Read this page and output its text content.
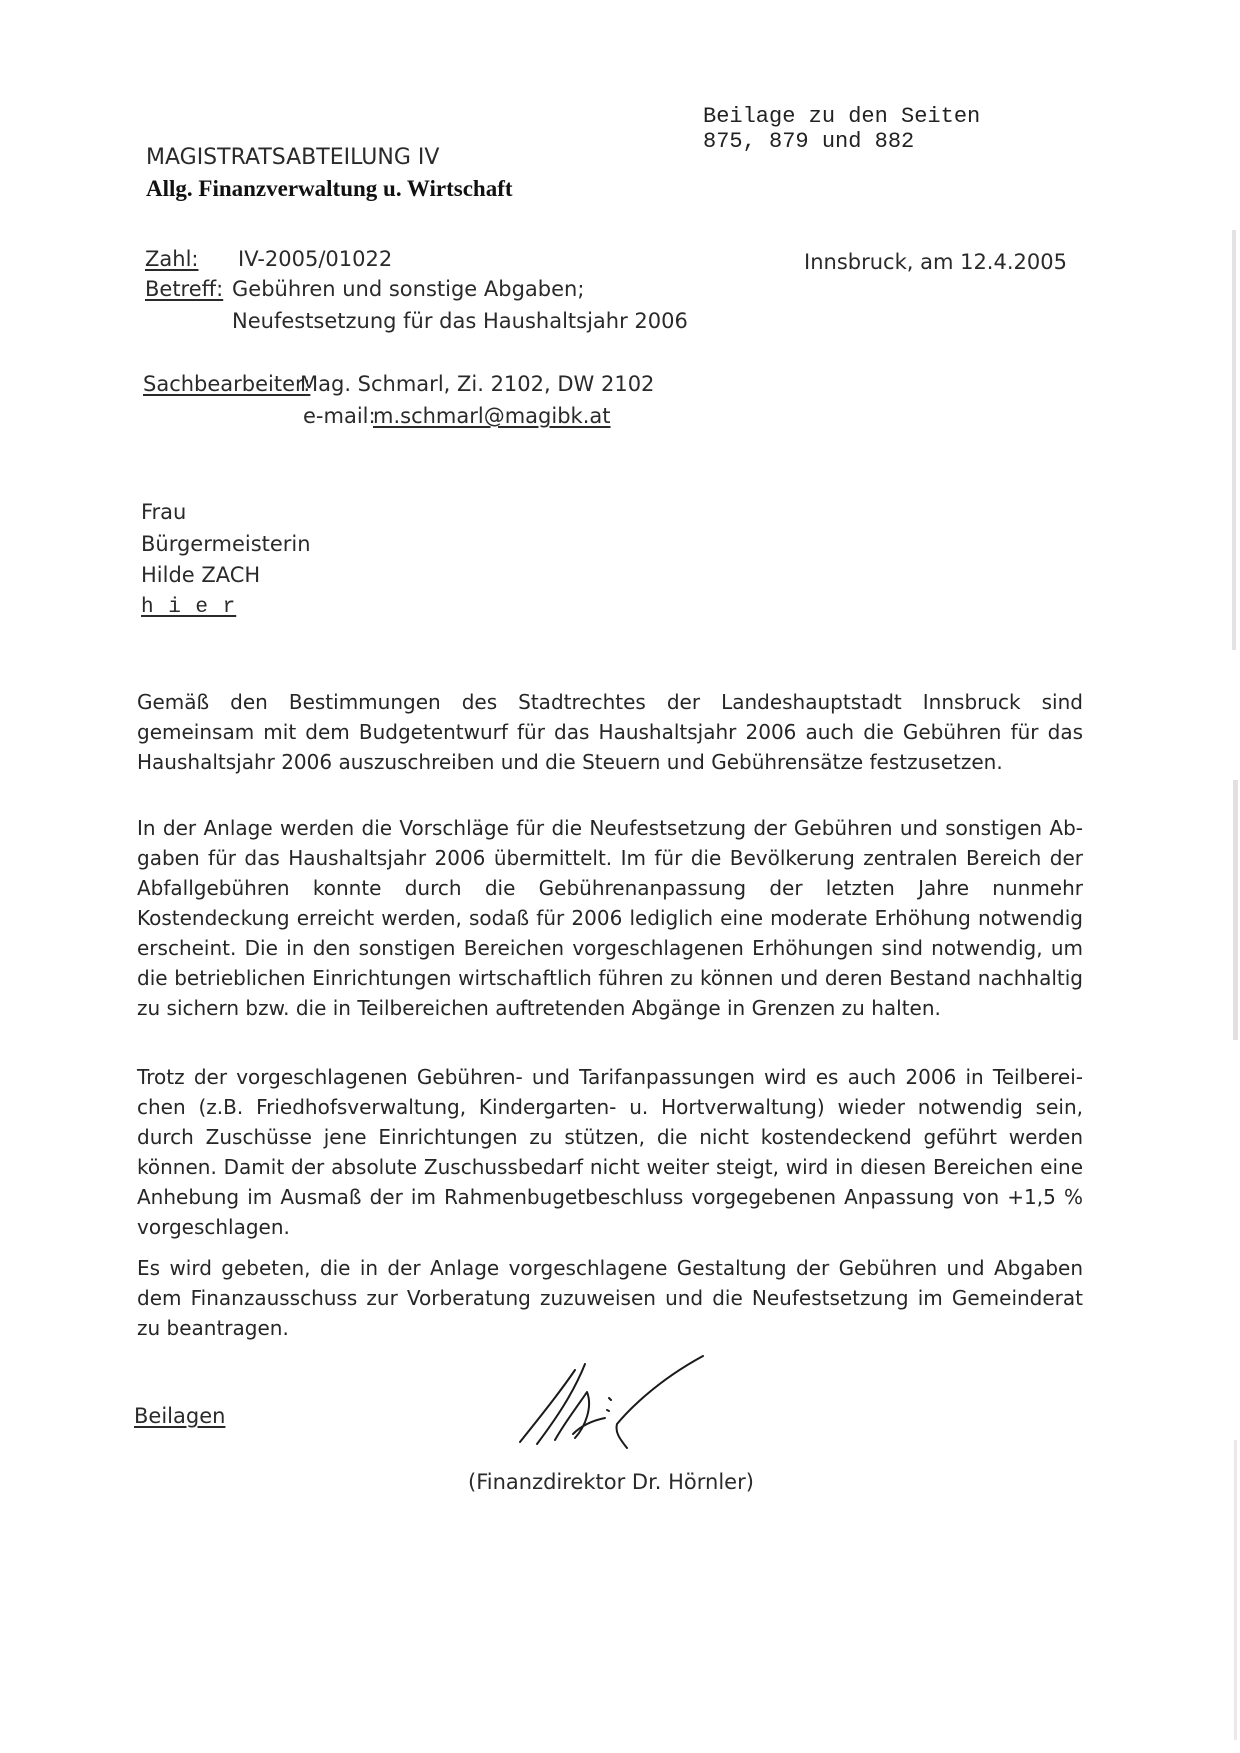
Beilage zu den Seiten
875, 879 und 882
MAGISTRATSABTEILUNG IV
Allg. Finanzverwaltung u. Wirtschaft
Zahl: IV-2005/01022	Innsbruck, am 12.4.2005
Betreff: Gebühren und sonstige Abgaben;
Neufestsetzung für das Haushaltsjahr 2006
Sachbearbeiter:
Mag. Schmarl, Zi. 2102, DW 2102
e-mail:
m.schmarl@magibk.at
Frau
Bürgermeisterin
Hilde ZACH
h i e r
Gemäß den Bestimmungen des Stadtrechtes der Landeshauptstadt Innsbruck sind gemeinsam mit dem Budgetentwurf für das Haushaltsjahr 2006 auch die Gebühren für das Haushaltsjahr 2006 auszuschreiben und die Steuern und Gebührensätze festzusetzen.
In der Anlage werden die Vorschläge für die Neufestsetzung der Gebühren und sonstigen Abgaben für das Haushaltsjahr 2006 übermittelt. Im für die Bevölkerung zentralen Bereich der Abfallgebühren konnte durch die Gebührenanpassung der letzten Jahre nunmehr Kostendeckung erreicht werden, sodaß für 2006 lediglich eine moderate Erhöhung notwendig erscheint. Die in den sonstigen Bereichen vorgeschlagenen Erhöhungen sind notwendig, um die betrieblichen Einrichtungen wirtschaftlich führen zu können und deren Bestand nachhaltig zu sichern bzw. die in Teilbereichen auftretenden Abgänge in Grenzen zu halten.
Trotz der vorgeschlagenen Gebühren- und Tarifanpassungen wird es auch 2006 in Teilbereichen (z.B. Friedhofsverwaltung, Kindergarten- u. Hortverwaltung) wieder notwendig sein, durch Zuschüsse jene Einrichtungen zu stützen, die nicht kostendeckend geführt werden können. Damit der absolute Zuschussbedarf nicht weiter steigt, wird in diesen Bereichen eine Anhebung im Ausmaß der im Rahmenbugetbeschluss vorgegebenen Anpassung von +1,5 % vorgeschlagen.
Es wird gebeten, die in der Anlage vorgeschlagene Gestaltung der Gebühren und Abgaben dem Finanzausschuss zur Vorberatung zuzuweisen und die Neufestsetzung im Gemeinderat zu beantragen.
Beilagen
(Finanzdirektor Dr. Hörnler)
